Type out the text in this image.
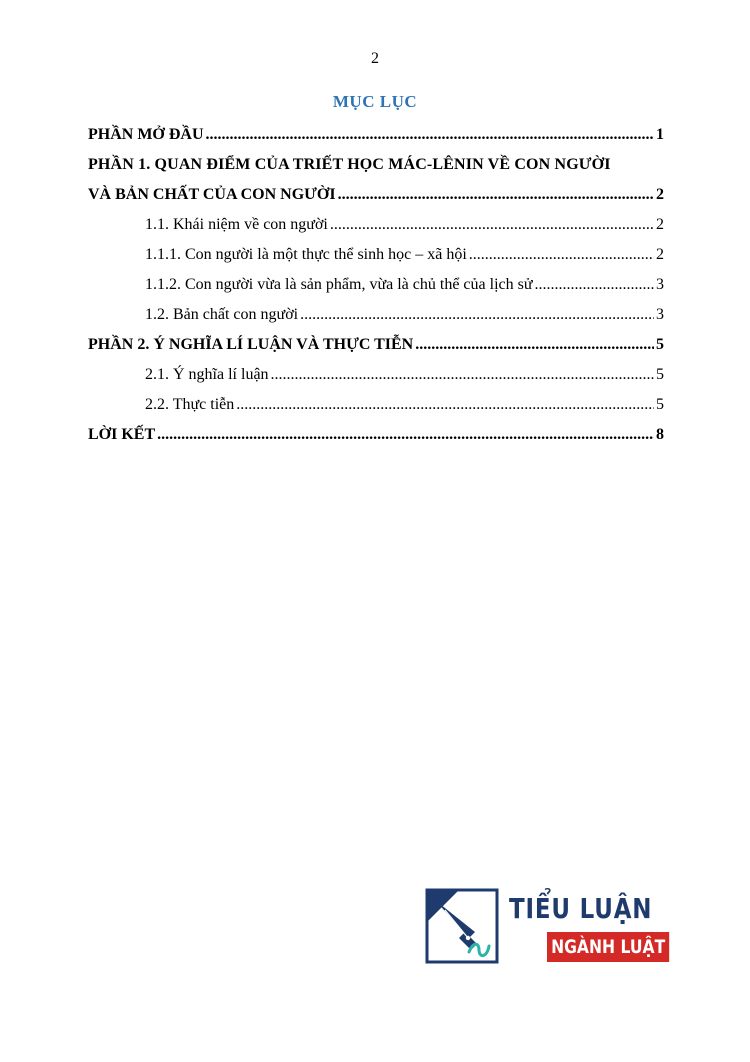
2
MỤC LỤC
PHẦN MỞ ĐẦU .....	1
PHẦN 1. QUAN ĐIỂM CỦA TRIẾT HỌC MÁC-LÊNIN VỀ CON NGƯỜI
VÀ BẢN CHẤT CỦA CON NGƯỜI .....	2
1.1. Khái niệm về con người .....	2
1.1.1. Con người là một thực thể sinh học – xã hội .....	2
1.1.2. Con người vừa là sản phẩm, vừa là chủ thể của lịch sử .....	3
1.2. Bản chất con người .....	3
PHẦN 2. Ý NGHĨA LÍ LUẬN VÀ THỰC TIỄN .....	5
2.1. Ý nghĩa lí luận .....	5
2.2. Thực tiễn .....	5
LỜI KẾT .....	8
TIỂU LUẬN
NGÀNH LUẬT
